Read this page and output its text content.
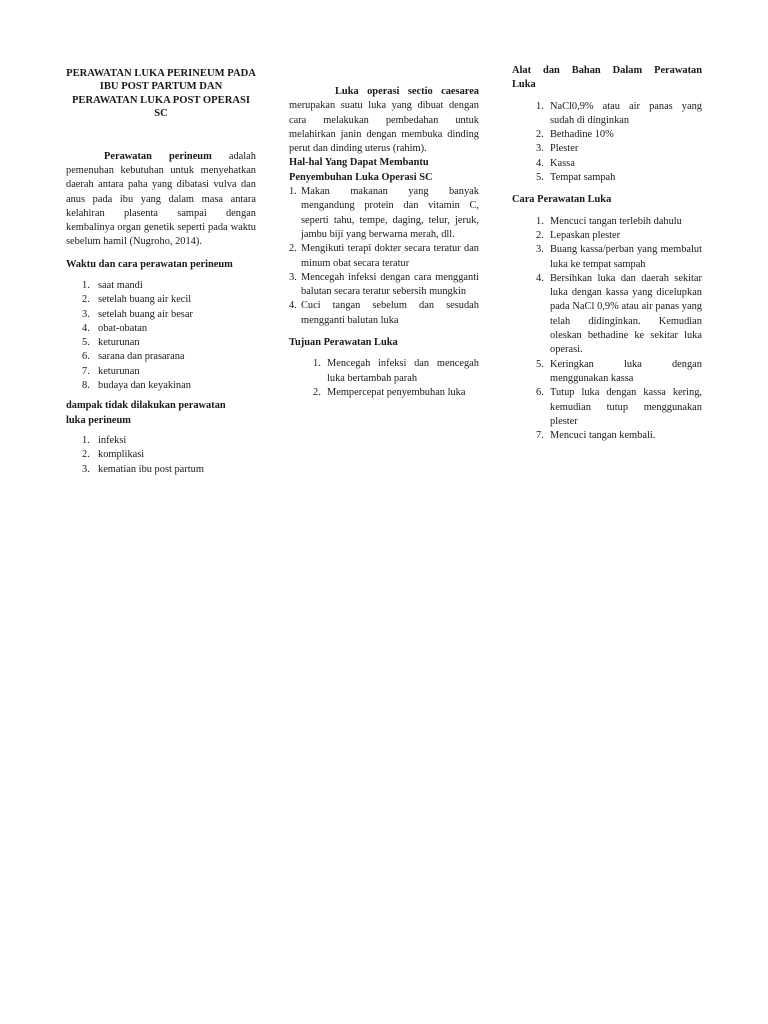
PERAWATAN LUKA PERINEUM PADA IBU POST PARTUM DAN PERAWATAN LUKA POST OPERASI SC

Perawatan perineum adalah pemenuhan kebutuhan untuk menyehatkan daerah antara paha yang dibatasi vulva dan anus pada ibu yang dalam masa antara kelahiran plasenta sampai dengan kembalinya organ genetik seperti pada waktu sebelum hamil (Nugroho, 2014).

Waktu dan cara perawatan perineum
1. saat mandi
2. setelah buang air kecil
3. setelah buang air besar
4. obat-obatan
5. keturunan
6. sarana dan prasarana
7. keturunan
8. budaya dan keyakinan
dampak tidak dilakukan perawatan luka perineum
1. infeksi
2. komplikasi
3. kematian ibu post partum

Luka operasi sectio caesarea merupakan suatu luka yang dibuat dengan cara melakukan pembedahan untuk melahirkan janin dengan membuka dinding perut dan dinding uterus (rahim).

Hal-hal Yang Dapat Membantu Penyembuhan Luka Operasi SC
1. Makan makanan yang banyak mengandung protein dan vitamin C, seperti tahu, tempe, daging, telur, jeruk, jambu biji yang berwarna merah, dll.
2. Mengikuti terapi dokter secara teratur dan minum obat secara teratur
3. Mencegah infeksi dengan cara mengganti balutan secara teratur sebersih mungkin
4. Cuci tangan sebelum dan sesudah mengganti balutan luka
Tujuan Perawatan Luka
1. Mencegah infeksi dan mencegah luka bertambah parah
2. Mempercepat penyembuhan luka
Alat dan Bahan Dalam Perawatan Luka
1. NaCl0,9% atau air panas yang sudah di dinginkan
2. Bethadine 10%
3. Plester
4. Kassa
5. Tempat sampah
Cara Perawatan Luka
1. Mencuci tangan terlebih dahulu
2. Lepaskan plester
3. Buang kassa/perban yang membalut luka ke tempat sampah
4. Bersihkan luka dan daerah sekitar luka dengan kassa yang dicelupkan pada NaCl 0,9% atau air panas yang telah didinginkan. Kemudian oleskan bethadine ke sekitar luka operasi.
5. Keringkan luka dengan menggunakan kassa
6. Tutup luka dengan kassa kering, kemudian tutup menggunakan plester
7. Mencuci tangan kembali.
